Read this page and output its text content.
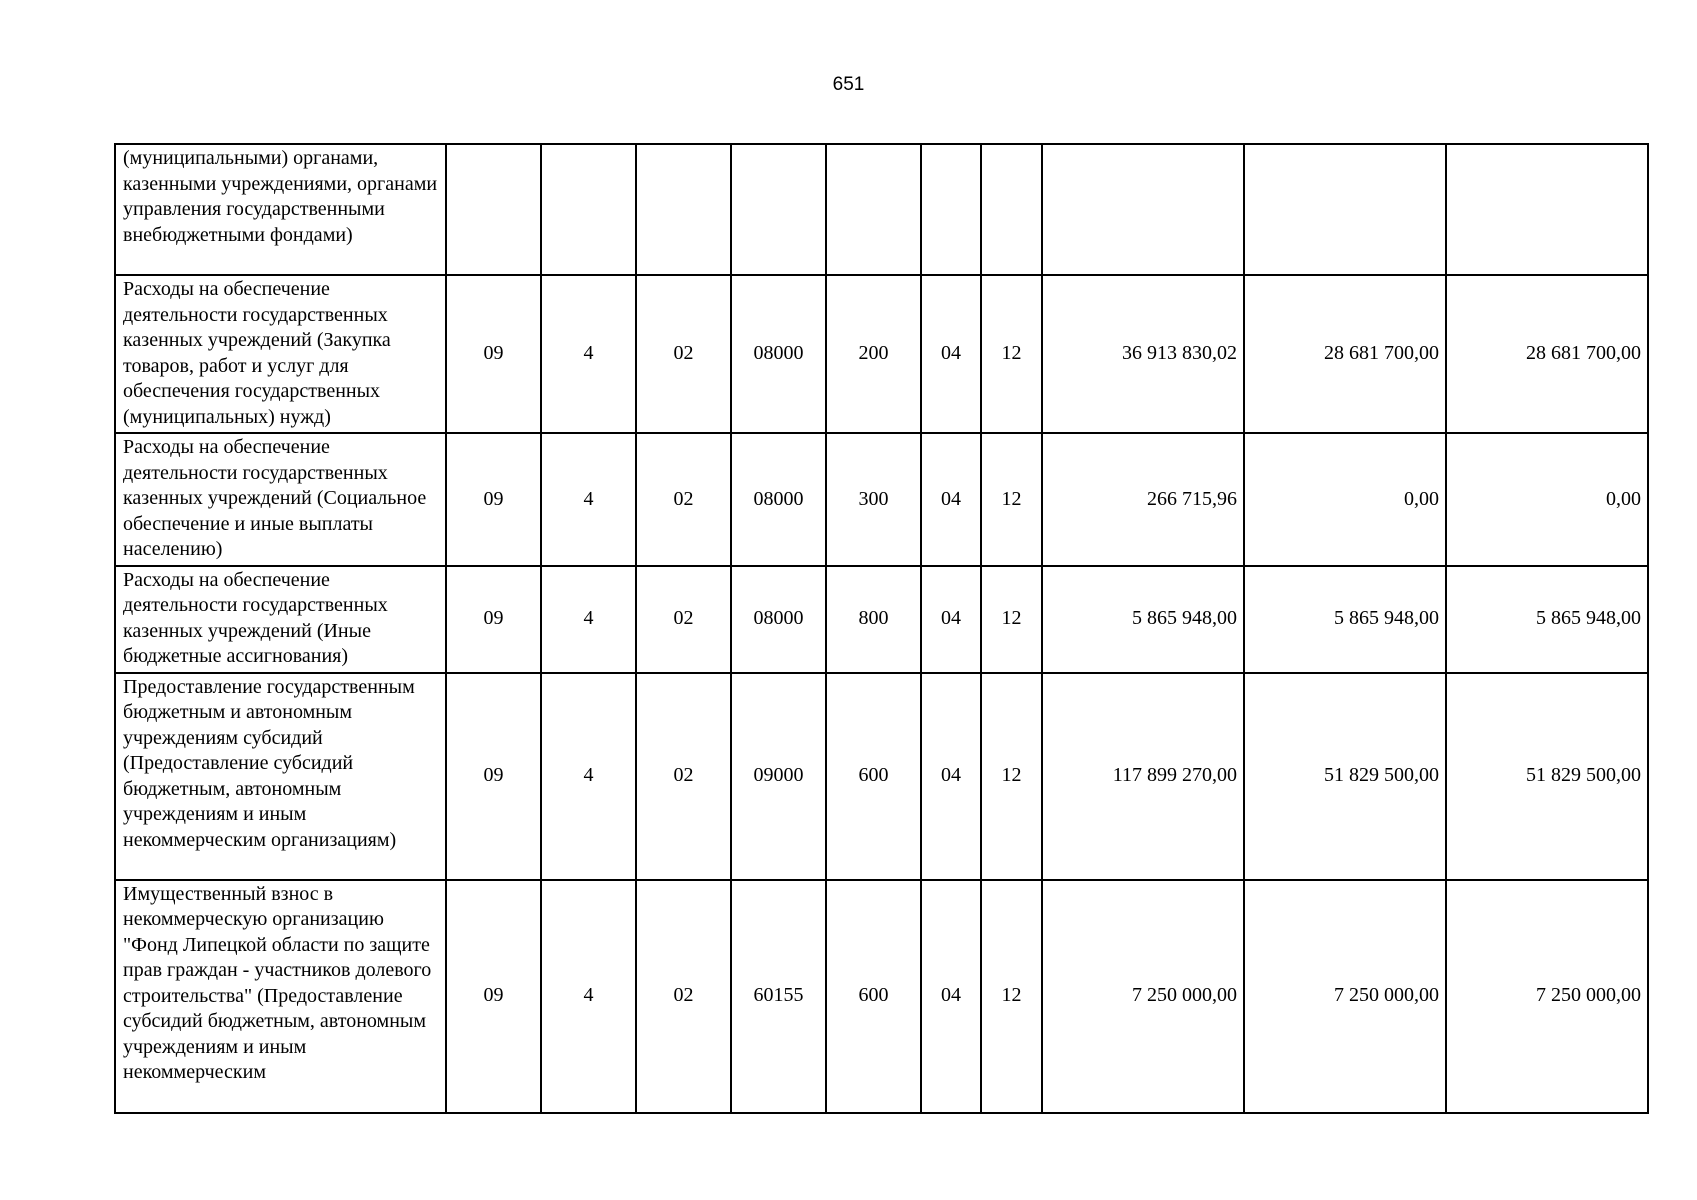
651
(муниципальными) органами, казенными учреждениями, органами управления государственными внебюджетными фондами)										
Расходы на обеспечение деятельности государственных казенных учреждений (Закупка товаров, работ и услуг для обеспечения государственных (муниципальных) нужд)	09	4	02	08000	200	04	12	36 913 830,02	28 681 700,00	28 681 700,00
Расходы на обеспечение деятельности государственных казенных учреждений (Социальное обеспечение и иные выплаты населению)	09	4	02	08000	300	04	12	266 715,96	0,00	0,00
Расходы на обеспечение деятельности государственных казенных учреждений (Иные бюджетные ассигнования)	09	4	02	08000	800	04	12	5 865 948,00	5 865 948,00	5 865 948,00
Предоставление государственным бюджетным и автономным учреждениям субсидий (Предоставление субсидий бюджетным, автономным учреждениям и иным некоммерческим организациям)	09	4	02	09000	600	04	12	117 899 270,00	51 829 500,00	51 829 500,00
Имущественный взнос в некоммерческую организацию "Фонд Липецкой области по защите прав граждан - участников долевого строительства" (Предоставление субсидий бюджетным, автономным учреждениям и иным некоммерческим	09	4	02	60155	600	04	12	7 250 000,00	7 250 000,00	7 250 000,00
